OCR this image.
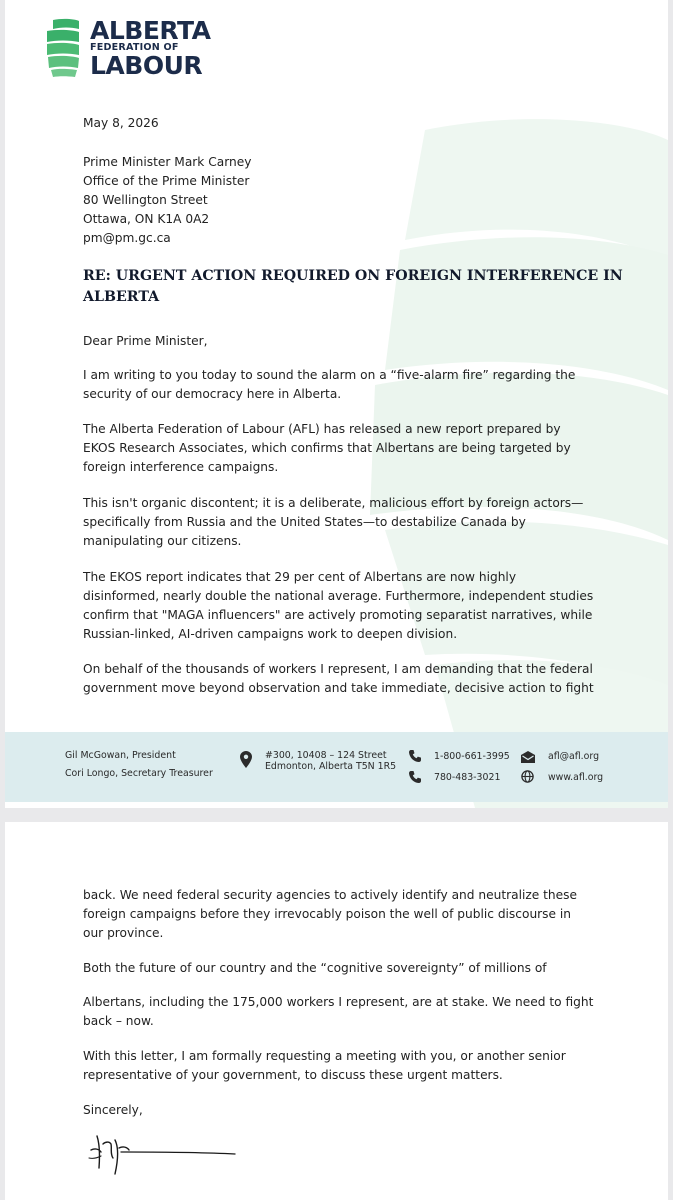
ALBERTA
FEDERATION OF
LABOUR
May 8, 2026
Prime Minister Mark Carney
Office of the Prime Minister
80 Wellington Street
Ottawa, ON K1A 0A2
pm@pm.gc.ca
RE: URGENT ACTION REQUIRED ON FOREIGN INTERFERENCE IN
ALBERTA
Dear Prime Minister,
I am writing to you today to sound the alarm on a “five-alarm fire” regarding the
security of our democracy here in Alberta.
The Alberta Federation of Labour (AFL) has released a new report prepared by
EKOS Research Associates, which confirms that Albertans are being targeted by
foreign interference campaigns.
This isn't organic discontent; it is a deliberate, malicious effort by foreign actors—
specifically from Russia and the United States—to destabilize Canada by
manipulating our citizens.
The EKOS report indicates that 29 per cent of Albertans are now highly
disinformed, nearly double the national average. Furthermore, independent studies
confirm that "MAGA influencers" are actively promoting separatist narratives, while
Russian-linked, AI-driven campaigns work to deepen division.
On behalf of the thousands of workers I represent, I am demanding that the federal
government move beyond observation and take immediate, decisive action to fight
Gil McGowan, President
Cori Longo, Secretary Treasurer
#300, 10408 – 124 Street
Edmonton, Alberta T5N 1R5
1-800-661-3995
780-483-3021
afl@afl.org
www.afl.org
back. We need federal security agencies to actively identify and neutralize these
foreign campaigns before they irrevocably poison the well of public discourse in
our province.
Both the future of our country and the “cognitive sovereignty” of millions of
Albertans, including the 175,000 workers I represent, are at stake. We need to fight
back – now.
With this letter, I am formally requesting a meeting with you, or another senior
representative of your government, to discuss these urgent matters.
Sincerely,
